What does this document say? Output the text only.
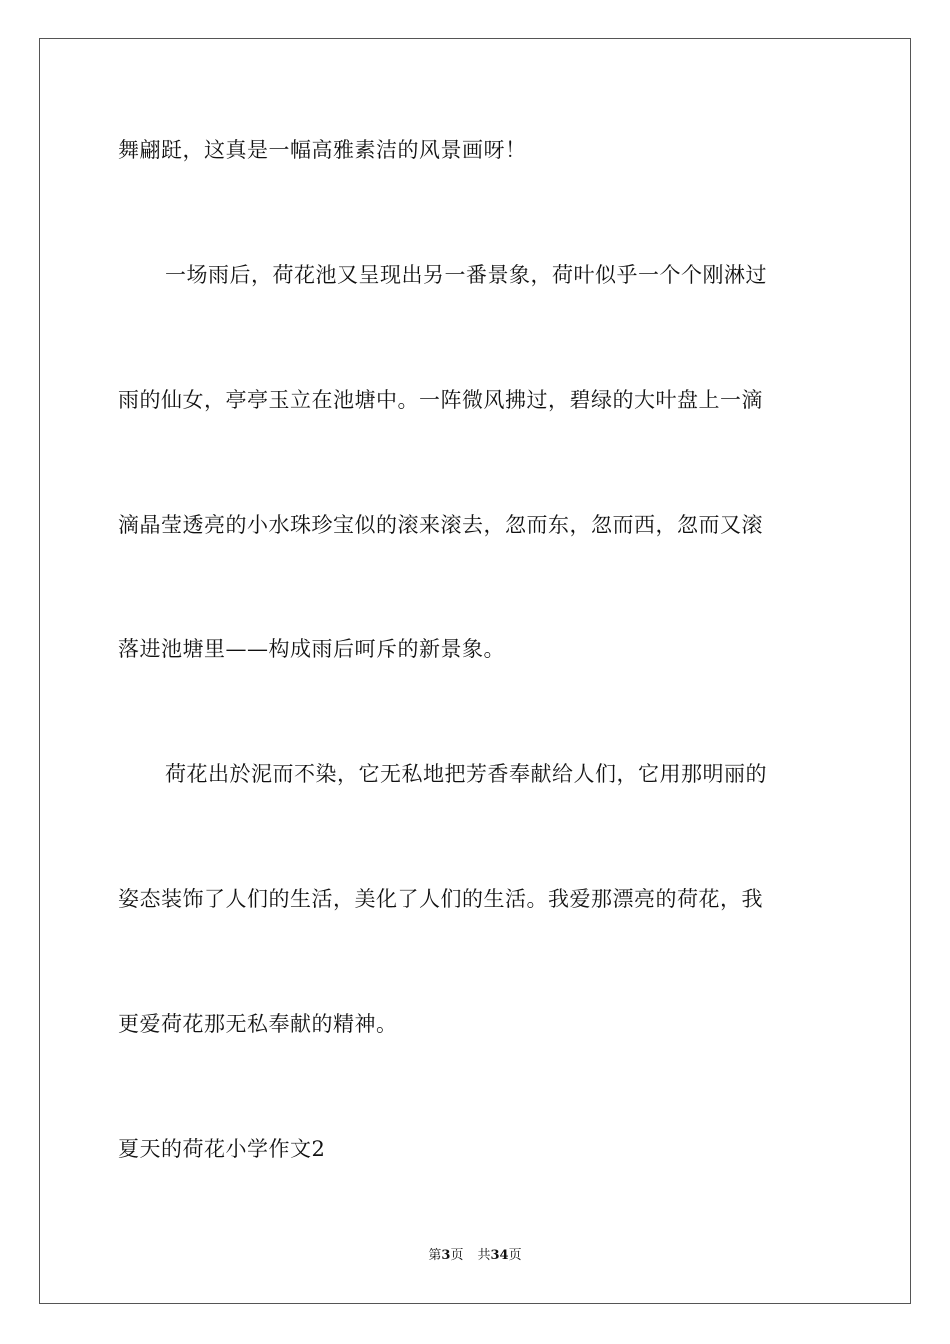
舞翩跹，这真是一幅高雅素洁的风景画呀！
一场雨后，荷花池又呈现出另一番景象，荷叶似乎一个个刚淋过
雨的仙女，亭亭玉立在池塘中。一阵微风拂过，碧绿的大叶盘上一滴
滴晶莹透亮的小水珠珍宝似的滚来滚去，忽而东，忽而西，忽而又滚
落进池塘里——构成雨后呵斥的新景象。
荷花出於泥而不染，它无私地把芳香奉献给人们，它用那明丽的
姿态装饰了人们的生活，美化了人们的生活。我爱那漂亮的荷花，我
更爱荷花那无私奉献的精神。
夏天的荷花小学作文2
第3页 共34页
